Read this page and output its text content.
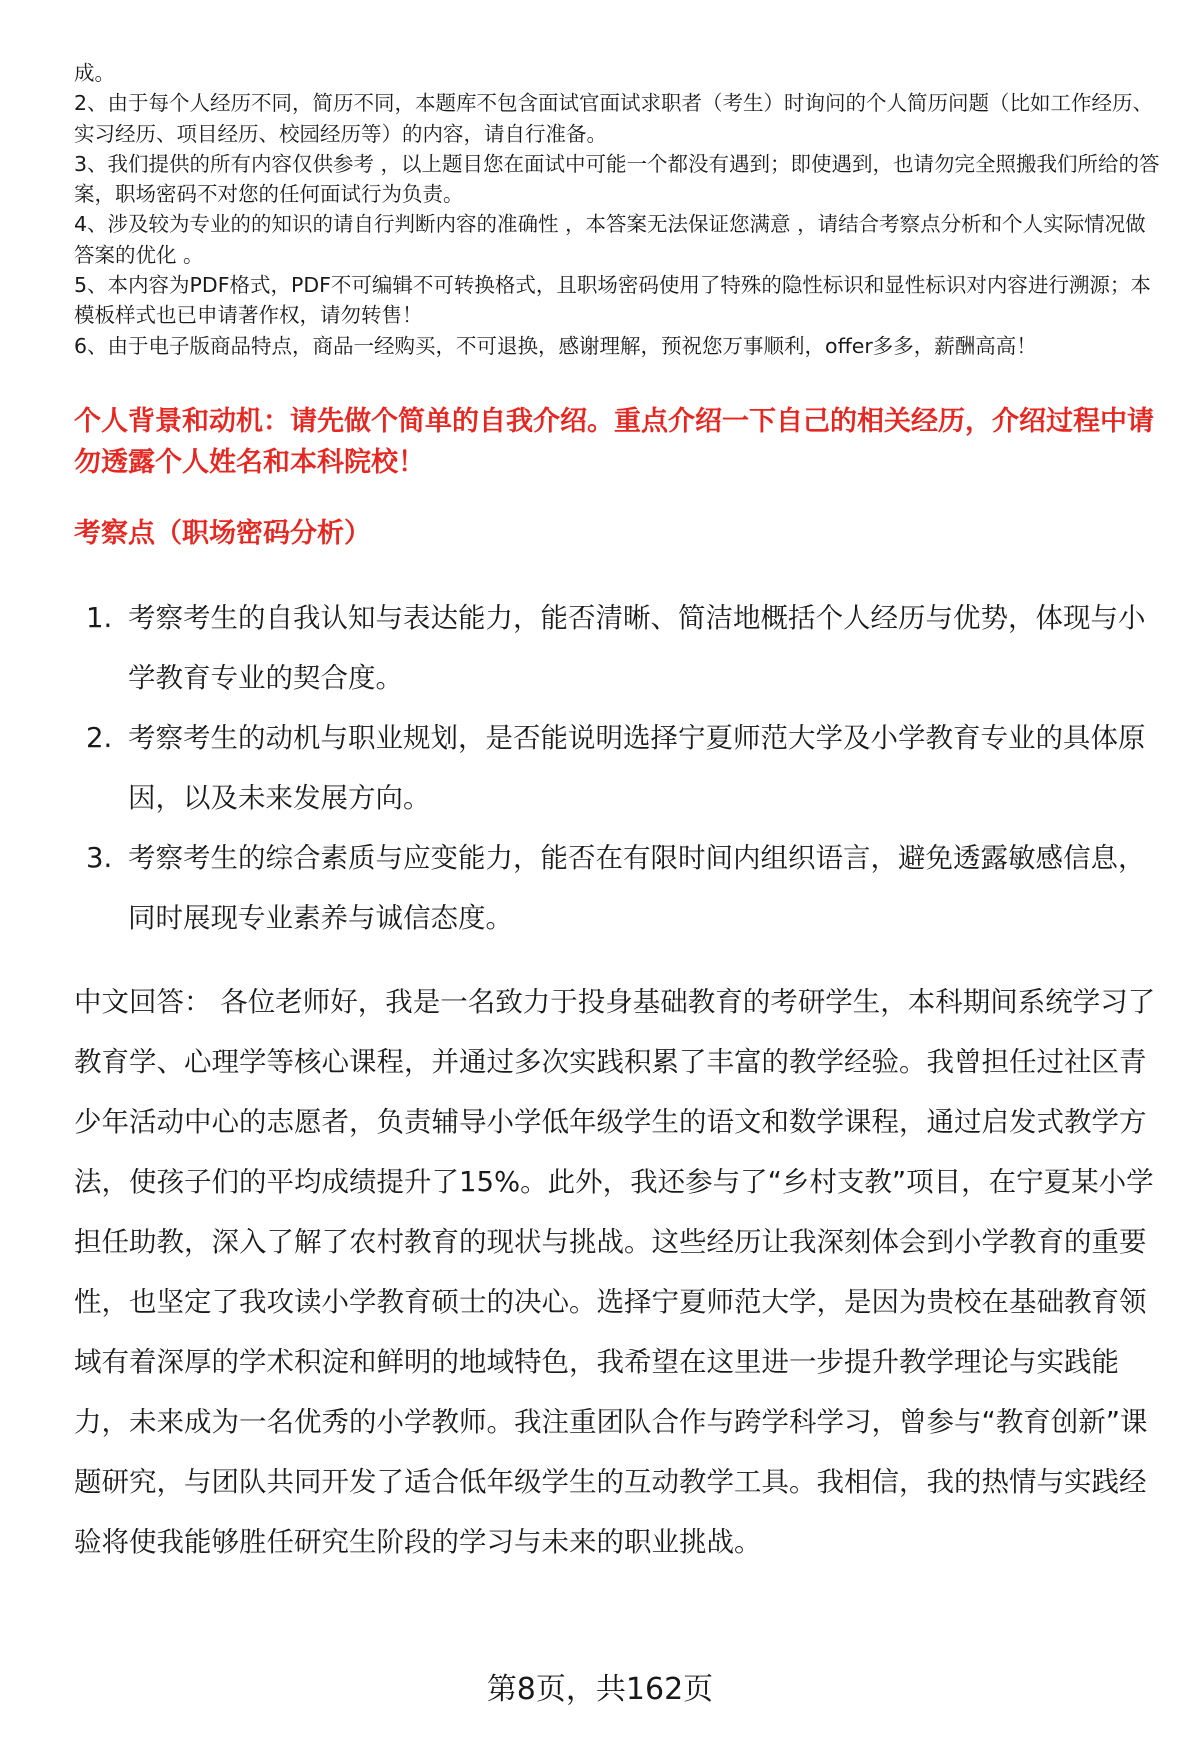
成。

2、由于每个人经历不同，简历不同，本题库不包含面试官面试求职者（考生）时询问的个人简历问题（比如工作经历、实习经历、项目经历、校园经历等）的内容，请自行准备。

3、我们提供的所有内容仅供参考 ，以上题目您在面试中可能一个都没有遇到；即使遇到，也请勿完全照搬我们所给的答案，职场密码不对您的任何面试行为负责。

4、涉及较为专业的的知识的请自行判断内容的准确性 ，本答案无法保证您满意 ，请结合考察点分析和个人实际情况做答案的优化 。

5、本内容为PDF格式，PDF不可编辑不可转换格式，且职场密码使用了特殊的隐性标识和显性标识对内容进行溯源；本模板样式也已申请著作权，请勿转售！

6、由于电子版商品特点，商品一经购买，不可退换，感谢理解，预祝您万事顺利，offer多多，薪酬高高！

个人背景和动机：请先做个简单的自我介绍。重点介绍一下自己的相关经历，介绍过程中请勿透露个人姓名和本科院校！
考察点（职场密码分析）
1. 考察考生的自我认知与表达能力，能否清晰、简洁地概括个人经历与优势，体现与小学教育专业的契合度。
2. 考察考生的动机与职业规划，是否能说明选择宁夏师范大学及小学教育专业的具体原因，以及未来发展方向。
3. 考察考生的综合素质与应变能力，能否在有限时间内组织语言，避免透露敏感信息，同时展现专业素养与诚信态度。

中文回答： 各位老师好，我是一名致力于投身基础教育的考研学生，本科期间系统学习了教育学、心理学等核心课程，并通过多次实践积累了丰富的教学经验。我曾担任过社区青少年活动中心的志愿者，负责辅导小学低年级学生的语文和数学课程，通过启发式教学方法，使孩子们的平均成绩提升了15%。此外，我还参与了“乡村支教”项目，在宁夏某小学担任助教，深入了解了农村教育的现状与挑战。这些经历让我深刻体会到小学教育的重要性，也坚定了我攻读小学教育硕士的决心。选择宁夏师范大学，是因为贵校在基础教育领域有着深厚的学术积淀和鲜明的地域特色，我希望在这里进一步提升教学理论与实践能力，未来成为一名优秀的小学教师。我注重团队合作与跨学科学习，曾参与“教育创新”课题研究，与团队共同开发了适合低年级学生的互动教学工具。我相信，我的热情与实践经验将使我能够胜任研究生阶段的学习与未来的职业挑战。

第8页，共162页
